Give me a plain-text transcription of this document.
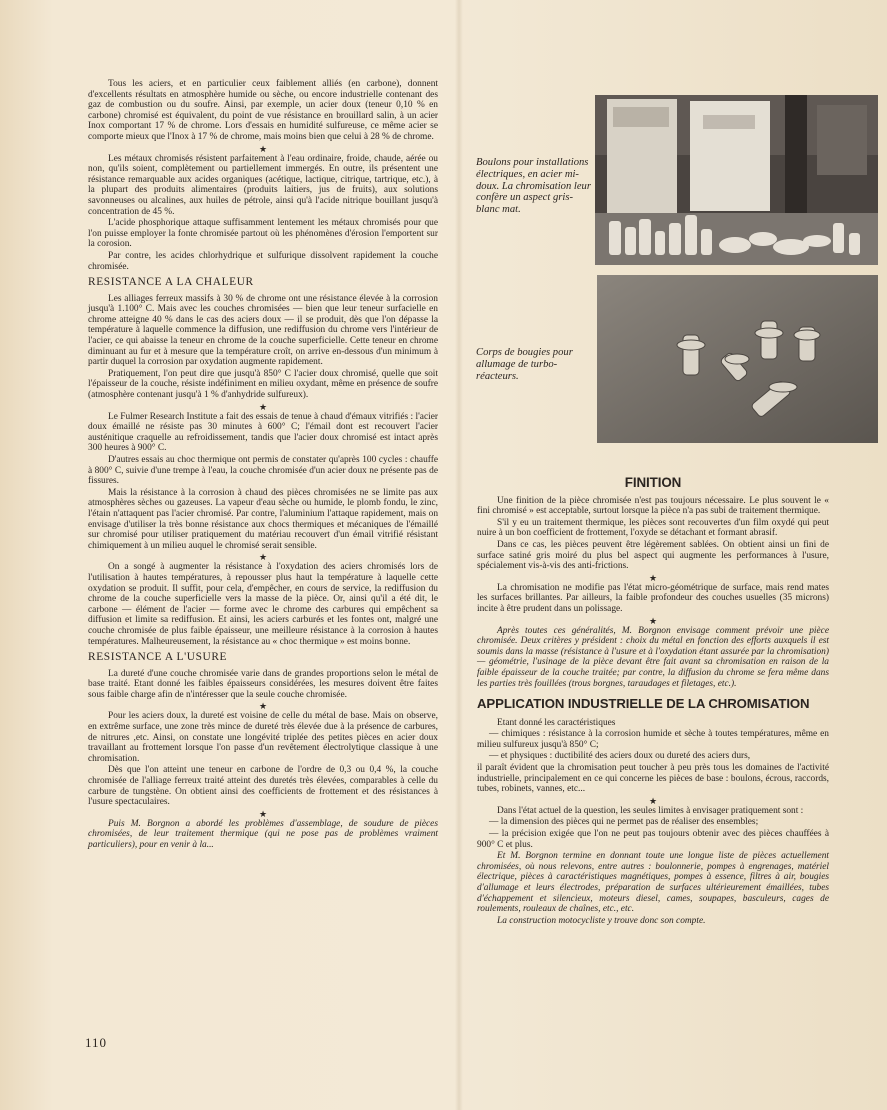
Tous les aciers, et en particulier ceux faiblement alliés (en carbone), donnent d'excellents résultats en atmosphère humide ou sèche, ou encore industrielle contenant des gaz de combustion ou du soufre. Ainsi, par exemple, un acier doux (teneur 0,10 % en carbone) chromisé est équivalent, du point de vue résistance en brouillard salin, à un acier Inox comportant 17 % de chrome. Lors d'essais en humidité sulfureuse, ce même acier se comporte mieux que l'Inox à 17 % de chrome, mais moins bien que celui à 28 % de chrome.

★

Les métaux chromisés résistent parfaitement à l'eau ordinaire, froide, chaude, aérée ou non, qu'ils soient, complètement ou partiellement immergés. En outre, ils présentent une résistance remarquable aux acides organiques (acétique, lactique, citrique, tartrique, etc.), à la plupart des produits alimentaires (produits laitiers, jus de fruits), aux solutions savonneuses ou alcalines, aux huiles de pétrole, ainsi qu'à l'acide nitrique bouillant jusqu'à concentration de 45 %.

L'acide phosphorique attaque suffisamment lentement les métaux chromisés pour que l'on puisse employer la fonte chromisée partout où les phénomènes d'érosion l'emportent sur la corosion.

Par contre, les acides chlorhydrique et sulfurique dissolvent rapidement la couche chromisée.

RESISTANCE A LA CHALEUR

Les alliages ferreux massifs à 30 % de chrome ont une résistance élevée à la corrosion jusqu'à 1.100° C. Mais avec les couches chromisées — bien que leur teneur surfacielle en chrome atteigne 40 % dans le cas des aciers doux — il se produit, dès que l'on dépasse la température à laquelle commence la diffusion, une rediffusion du chrome vers l'intérieur de l'acier, ce qui abaisse la teneur en chrome de la couche superficielle. Cette teneur en chrome diminuant au fur et à mesure que la température croît, on arrive en-dessous d'un minimum à partir duquel la corrosion par oxydation augmente rapidement.

Pratiquement, l'on peut dire que jusqu'à 850° C l'acier doux chromisé, quelle que soit l'épaisseur de la couche, résiste indéfiniment en milieu oxydant, même en présence de soufre (atmosphère contenant jusqu'à 1 % d'anhydride sulfureux).

★

Le Fulmer Research Institute a fait des essais de tenue à chaud d'émaux vitrifiés : l'acier doux émaillé ne résiste pas 30 minutes à 600° C; l'émail dont est recouvert l'acier austénitique craquelle au refroidissement, tandis que l'acier doux chromisé est intact après 300 heures à 900° C.

D'autres essais au choc thermique ont permis de constater qu'après 100 cycles : chauffe à 800° C, suivie d'une trempe à l'eau, la couche chromisée d'un acier doux ne présente pas de fissures.

Mais la résistance à la corrosion à chaud des pièces chromisées ne se limite pas aux atmosphères sèches ou gazeuses. La vapeur d'eau sèche ou humide, le plomb fondu, le zinc, l'étain n'attaquent pas l'acier chromisé. Par contre, l'aluminium l'attaque rapidement, mais on envisage d'utiliser la très bonne résistance aux chocs thermiques et mécaniques de l'émaillé sur chromisé pour utiliser pratiquement du matériau recouvert d'un émail vitrifié résistant chimiquement à un milieu auquel le chromisé serait sensible.

★

On a songé à augmenter la résistance à l'oxydation des aciers chromisés lors de l'utilisation à hautes températures, à repousser plus haut la température à laquelle cette oxydation se produit. Il suffit, pour cela, d'empêcher, en cours de service, la rediffusion du chrome de la couche superficielle vers la masse de la pièce. Or, ainsi qu'il a été dit, le carbone — élément de l'acier — forme avec le chrome des carbures qui empêchent sa diffusion et limite sa rediffusion. Et ainsi, les aciers carburés et les fontes ont, malgré une couche chromisée de plus faible épaisseur, une meilleure résistance à la corrosion à hautes températures. Malheureusement, la résistance au « choc thermique » est moins bonne.

RESISTANCE A L'USURE

La dureté d'une couche chromisée varie dans de grandes proportions selon le métal de base traité. Etant donné les faibles épaisseurs considérées, les mesures doivent être faites sous faible charge afin de n'intéresser que la seule couche chromisée.

★

Pour les aciers doux, la dureté est voisine de celle du métal de base. Mais on observe, en extrême surface, une zone très mince de dureté très élevée due à la présence de carbures, de nitrures ,etc. Ainsi, on constate une longévité triplée des petites pièces en acier doux travaillant au frottement lorsque l'on passe d'un revêtement électrolytique classique à une chromisation.

Dès que l'on atteint une teneur en carbone de l'ordre de 0,3 ou 0,4 %, la couche chromisée de l'alliage ferreux traité atteint des duretés très élevées, comparables à celle du carbure de tungstène. On obtient ainsi des coefficients de frottement et des résistances à l'usure spectaculaires.

★

Puis M. Borgnon a abordé les problèmes d'assemblage, de soudure de pièces chromisées, de leur traitement thermique (qui ne pose pas de problèmes vraiment particuliers), pour en venir à la...

Boulons pour installations électriques, en acier mi-doux. La chromisation leur confère un aspect gris-blanc mat.
Corps de bougies pour allumage de turbo-réacteurs.
FINITION

Une finition de la pièce chromisée n'est pas toujours nécessaire. Le plus souvent le « fini chromisé » est acceptable, surtout lorsque la pièce n'a pas subi de traitement thermique.

S'il y eu un traitement thermique, les pièces sont recouvertes d'un film oxydé qui peut nuire à un bon coefficient de frottement, l'oxyde se détachant et formant abrasif.

Dans ce cas, les pièces peuvent être légèrement sablées. On obtient ainsi un fini de surface satiné gris moiré du plus bel aspect qui augmente les performances à l'usure, spécialement vis-à-vis des anti-frictions.

★

La chromisation ne modifie pas l'état micro-géométrique de surface, mais rend mates les surfaces brillantes. Par ailleurs, la faible profondeur des couches usuelles (35 microns) incite à être prudent dans un polissage.

★

Après toutes ces généralités, M. Borgnon envisage comment prévoir une pièce chromisée. Deux critères y président : choix du métal en fonction des efforts auxquels il est soumis dans la masse (résistance à l'usure et à l'oxydation étant assurée par la chromisation) — géométrie, l'usinage de la pièce devant être fait avant sa chromisation en raison de la faible épaisseur de la couche traitée; par contre, la diffusion du chrome se fera même dans les parties très fouillées (trous borgnes, taraudages et filetages, etc.).

APPLICATION INDUSTRIELLE DE LA CHROMISATION

Etant donné les caractéristiques

— chimiques : résistance à la corrosion humide et sèche à toutes températures, même en milieu sulfureux jusqu'à 850° C;

— et physiques : ductibilité des aciers doux ou dureté des aciers durs,

il paraît évident que la chromisation peut toucher à peu près tous les domaines de l'activité industrielle, principalement en ce qui concerne les pièces de base : boulons, écrous, raccords, tubes, robinets, vannes, etc...

★

Dans l'état actuel de la question, les seules limites à envisager pratiquement sont :

— la dimension des pièces qui ne permet pas de réaliser des ensembles;

— la précision exigée que l'on ne peut pas toujours obtenir avec des pièces chauffées à 900° C et plus.

Et M. Borgnon termine en donnant toute une longue liste de pièces actuellement chromisées, où nous relevons, entre autres : boulonnerie, pompes à engrenages, matériel électrique, pièces à caractéristiques magnétiques, pompes à essence, filtres à air, bougies d'allumage et leurs électrodes, préparation de surfaces ultérieurement émaillées, tubes d'échappement et silencieux, moteurs diesel, cames, soupapes, basculeurs, cages de roulements, rouleaux de chaînes, etc., etc.

La construction motocycliste y trouve donc son compte.

110
